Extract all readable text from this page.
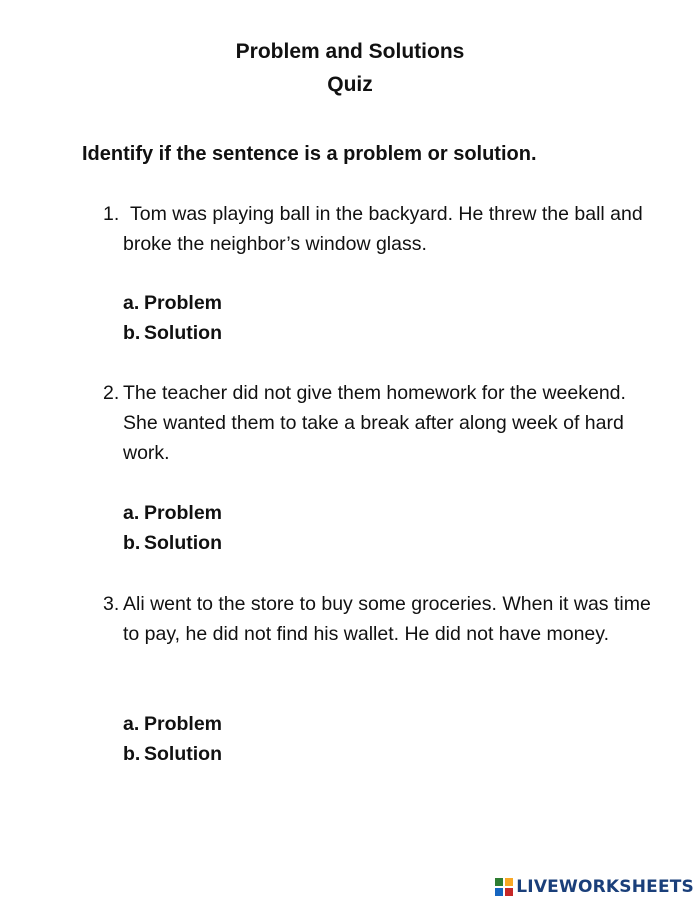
Problem and Solutions
Quiz
Identify if the sentence is a problem or solution.
1. Tom was playing ball in the backyard. He threw the ball and broke the neighbor’s window glass.
a. Problem
b. Solution
2. The teacher did not give them homework for the weekend. She wanted them to take a break after along week of hard work.
a. Problem
b. Solution
3. Ali went to the store to buy some groceries. When it was time to pay, he did not find his wallet. He did not have money.
a. Problem
b. Solution
LIVEWORKSHEETS
